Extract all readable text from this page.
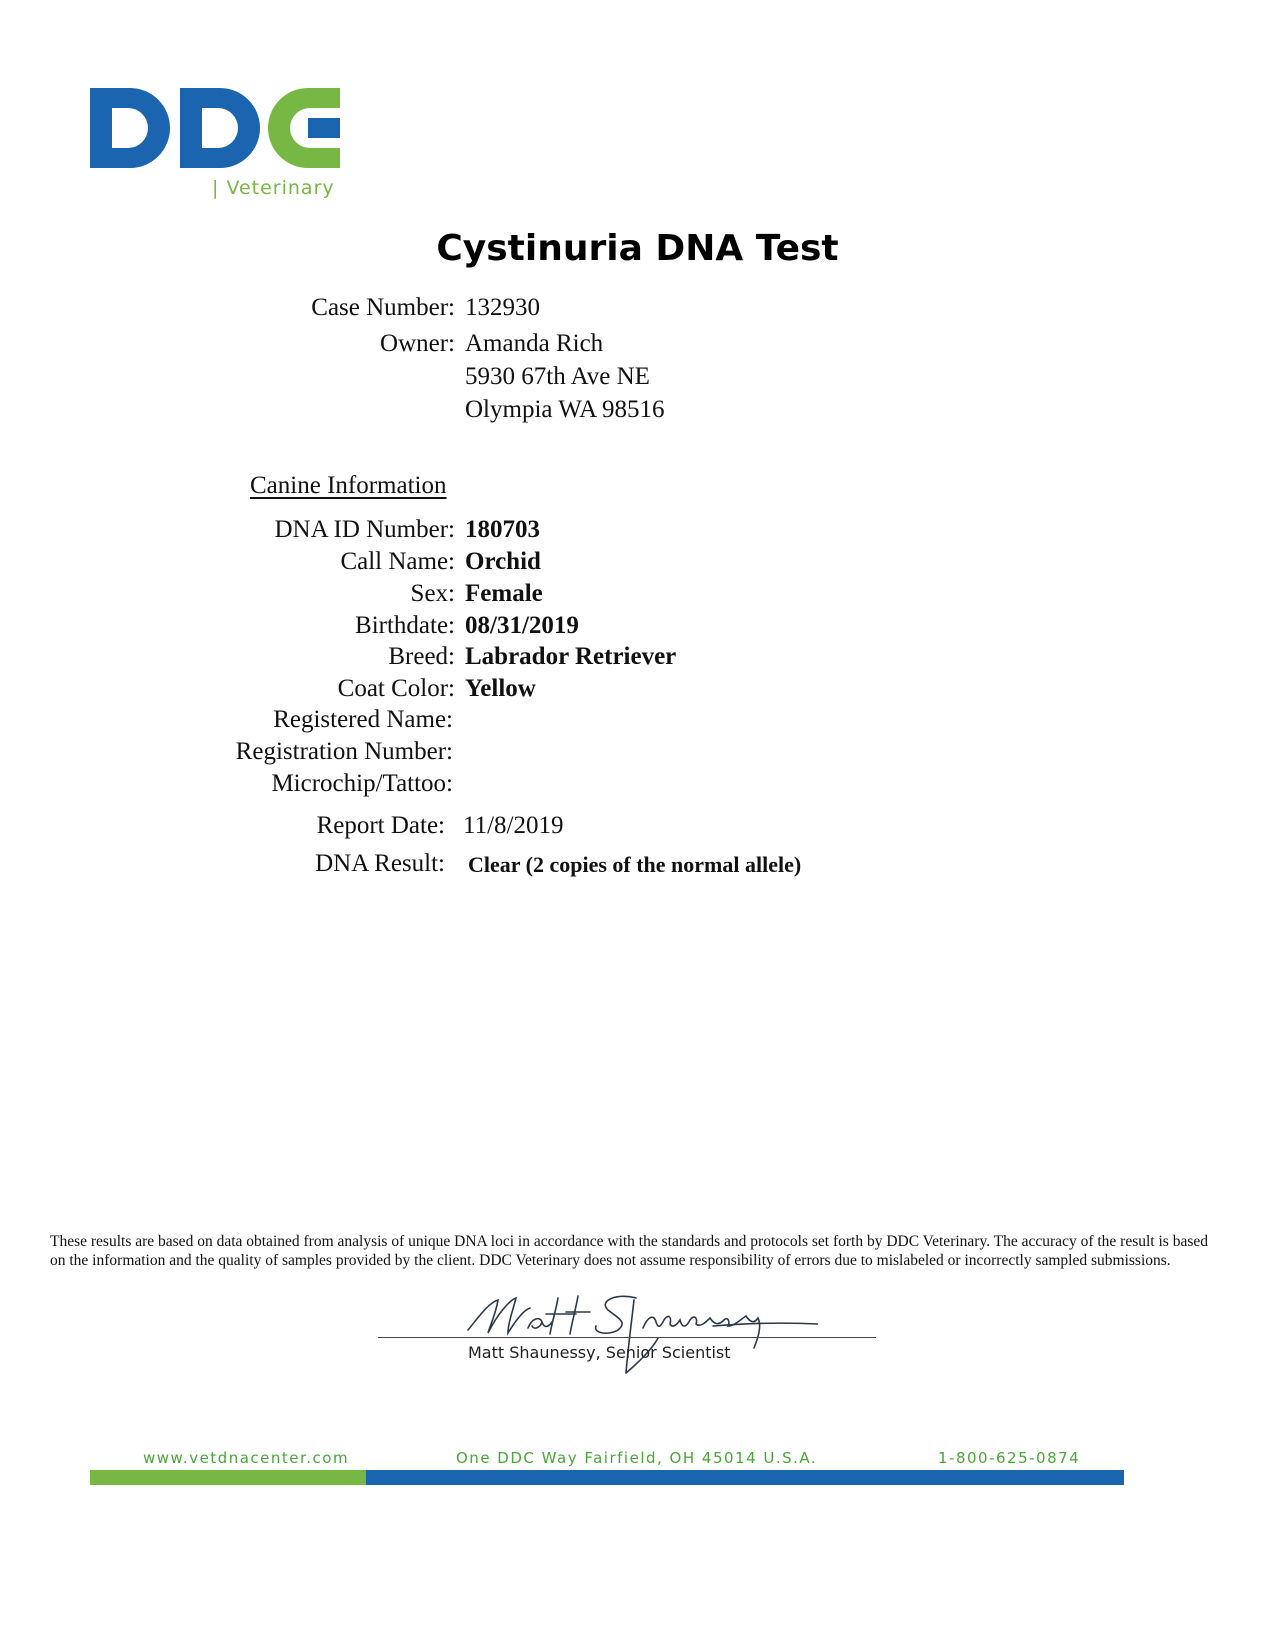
| Veterinary
Cystinuria DNA Test
Case Number: 132930
Owner: Amanda Rich
5930 67th Ave NE
Olympia WA 98516
Canine Information
DNA ID Number: 180703
Call Name: Orchid
Sex: Female
Birthdate: 08/31/2019
Breed: Labrador Retriever
Coat Color: Yellow
Registered Name:
Registration Number:
Microchip/Tattoo:
Report Date: 11/8/2019
DNA Result: Clear (2 copies of the normal allele)
These results are based on data obtained from analysis of unique DNA loci in accordance with the standards and protocols set forth by DDC Veterinary. The accuracy of the result is based on the information and the quality of samples provided by the client. DDC Veterinary does not assume responsibility of errors due to mislabeled or incorrectly sampled submissions.
Matt Shaunessy, Senior Scientist
www.vetdnacenter.com	One DDC Way Fairfield, OH 45014 U.S.A.	1-800-625-0874
